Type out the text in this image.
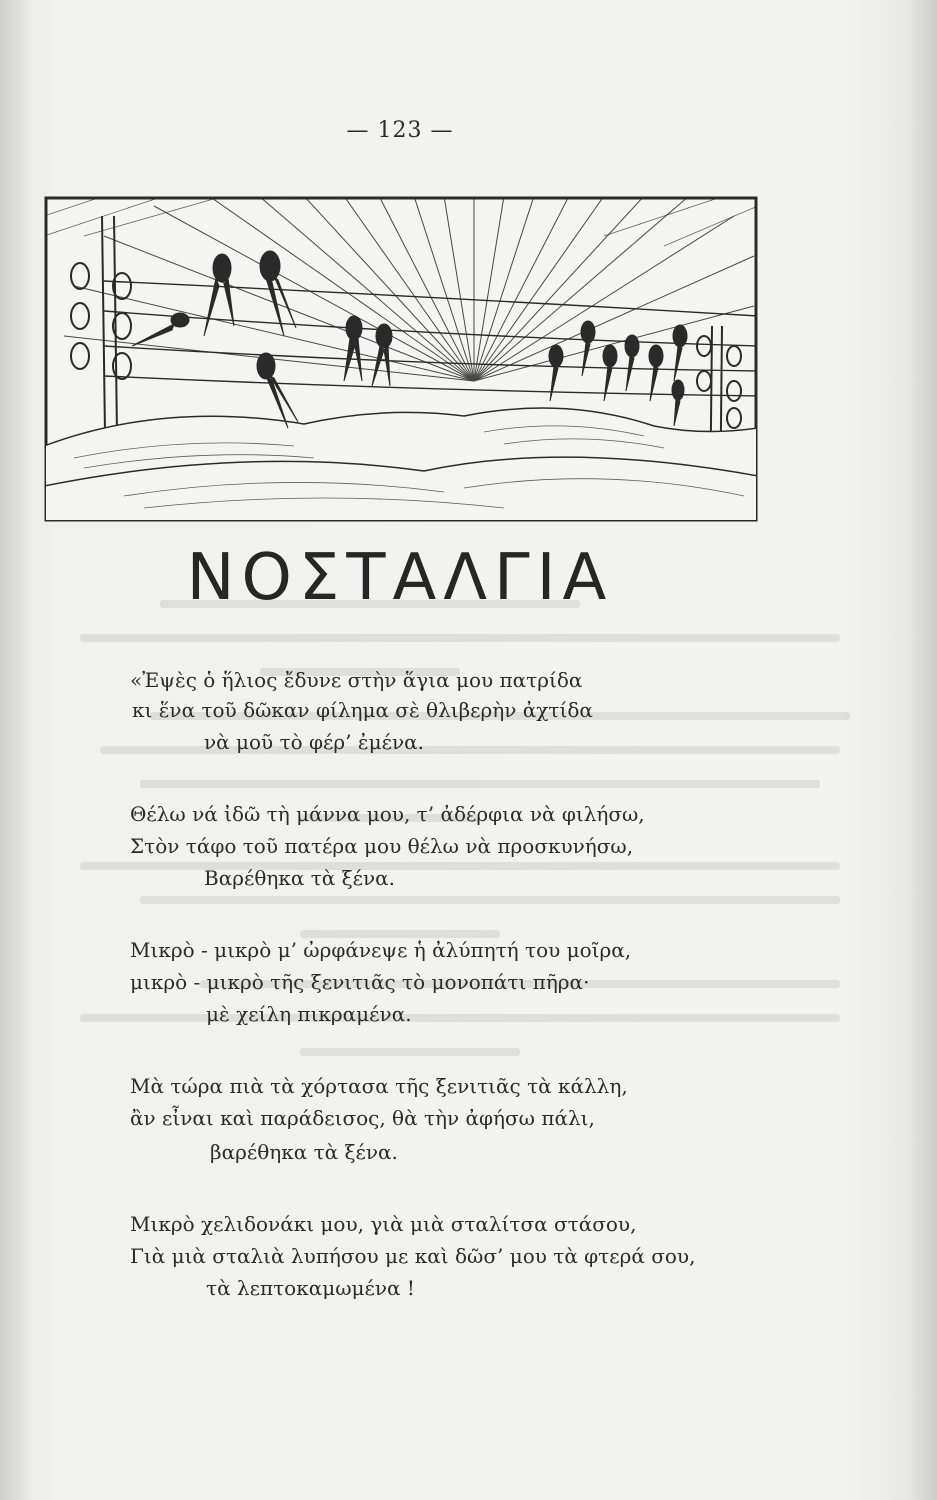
— 123 —
ΝΟΣΤΑΛΓΙΑ
«Ἐψὲς ὁ ἥλιος ἔδυνε στὴν ἅγια μου πατρίδα
κι ἕνα τοῦ δῶκαν φίλημα σὲ θλιβερὴν ἀχτίδα
νὰ μοῦ τὸ φέρ’ ἐμένα.
Θέλω νά ἰδῶ τὴ μάννα μου, τ’ ἀδέρφια νὰ φιλήσω,
Στὸν τάφο τοῦ πατέρα μου θέλω νὰ προσκυνήσω,
Βαρέθηκα τὰ ξένα.
Μικρὸ - μικρὸ μ’ ὠρφάνεψε ἡ ἀλύπητή του μοῖρα,
μικρὸ - μικρὸ τῆς ξενιτιᾶς τὸ μονοπάτι πῆρα·
μὲ χείλη πικραμένα.
Μὰ τώρα πιὰ τὰ χόρτασα τῆς ξενιτιᾶς τὰ κάλλη,
ἂν εἶναι καὶ παράδεισος, θὰ τὴν ἀφήσω πάλι,
βαρέθηκα τὰ ξένα.
Μικρὸ χελιδονάκι μου, γιὰ μιὰ σταλίτσα στάσου,
Γιὰ μιὰ σταλιὰ λυπήσου με καὶ δῶσ’ μου τὰ φτερά σου,
τὰ λεπτοκαμωμένα !
